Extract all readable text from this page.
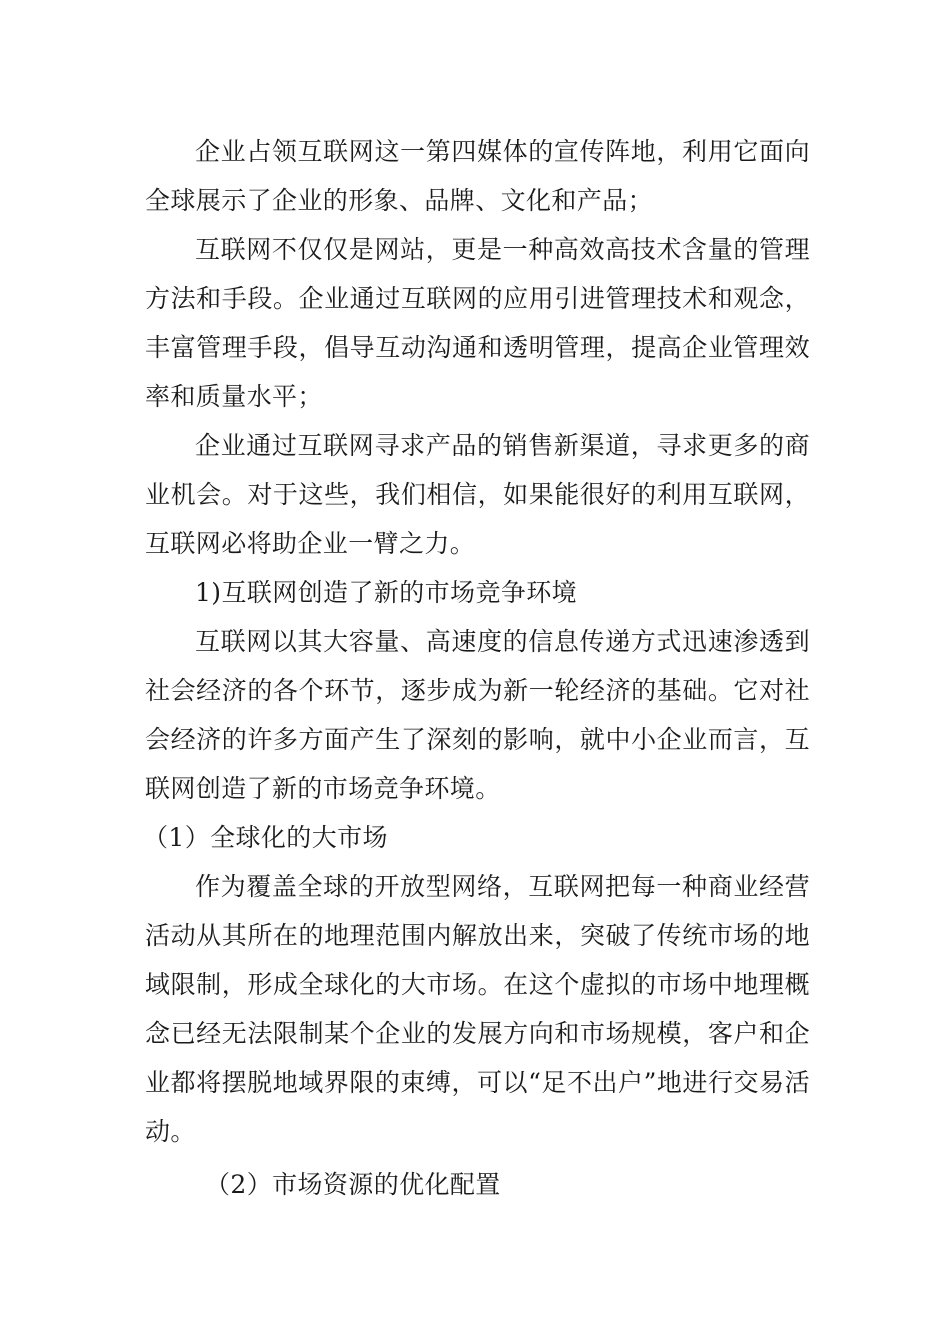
企业占领互联网这一第四媒体的宣传阵地，利用它面向全球展示了企业的形象、品牌、文化和产品；

互联网不仅仅是网站，更是一种高效高技术含量的管理方法和手段。企业通过互联网的应用引进管理技术和观念，丰富管理手段，倡导互动沟通和透明管理，提高企业管理效率和质量水平；

企业通过互联网寻求产品的销售新渠道，寻求更多的商业机会。对于这些，我们相信，如果能很好的利用互联网，互联网必将助企业一臂之力。

1)互联网创造了新的市场竞争环境

互联网以其大容量、高速度的信息传递方式迅速渗透到社会经济的各个环节，逐步成为新一轮经济的基础。它对社会经济的许多方面产生了深刻的影响，就中小企业而言，互联网创造了新的市场竞争环境。

（1）全球化的大市场

作为覆盖全球的开放型网络，互联网把每一种商业经营活动从其所在的地理范围内解放出来，突破了传统市场的地域限制，形成全球化的大市场。在这个虚拟的市场中地理概念已经无法限制某个企业的发展方向和市场规模，客户和企业都将摆脱地域界限的束缚，可以“足不出户”地进行交易活动。

（2）市场资源的优化配置
